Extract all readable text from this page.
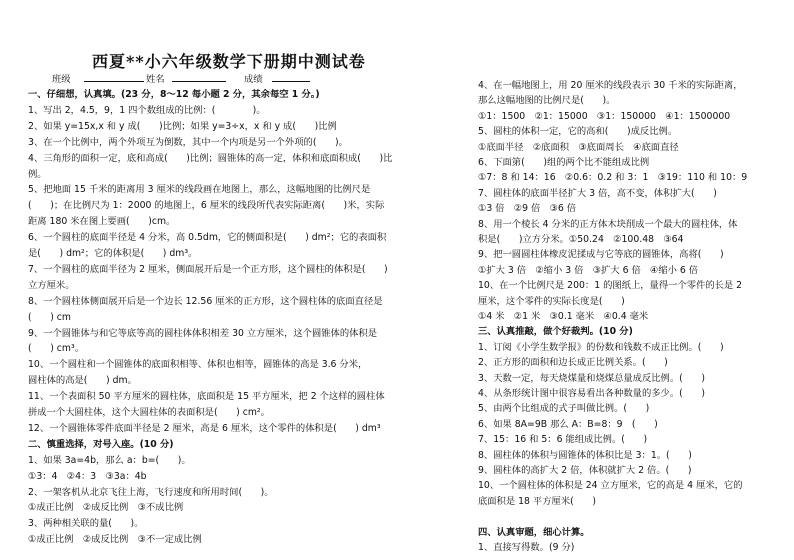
西夏**小六年级数学下册期中测试卷
班级	姓名	成绩
一、仔细想，认真填。(23 分，8～12 每小题 2 分，其余每空 1 分。)
1、写出 2，4.5，9，1 四个数组成的比例：(　　　　)。
2、如果 y=15x,x 和 y 成(　　)比例；如果 y=3÷x，x 和 y 成(　　)比例
3、在一个比例中，两个外项互为倒数，其中一个内项是另一个外项的(　　)。
4、三角形的面积一定，底和高成(　　)比例；圆锥体的高一定，体积和底面积成(　　)比
例。
5、把地面 15 千米的距离用 3 厘米的线段画在地图上，那么，这幅地图的比例尺是
(　　)；在比例尺为 1：2000 的地图上，6 厘米的线段所代表实际距离(　　)米，实际
距离 180 米在图上要画(　　)cm。
6、一个圆柱的底面半径是 4 分米，高 0.5dm，它的侧面积是(　　) dm²；它的表面积
是(　　) dm²；它的体积是(　　) dm³。
7、一个圆柱的底面半径为 2 厘米，侧面展开后是一个正方形，这个圆柱的体积是(　　)
立方厘米。
8、一个圆柱体侧面展开后是一个边长 12.56 厘米的正方形，这个圆柱体的底面直径是
(　　) cm
9、一个圆锥体与和它等底等高的圆柱体体积相差 30 立方厘米，这个圆锥体的体积是
(　　) cm³。
10、一个圆柱和一个圆锥体的底面积相等、体积也相等，圆锥体的高是 3.6 分米，
圆柱体的高是(　　) dm。
11、一个表面积 50 平方厘米的圆柱体，底面积是 15 平方厘米，把 2 个这样的圆柱体
拼成一个大圆柱体，这个大圆柱体的表面积是(　　) cm²。
12、一个圆锥体零件底面半径是 2 厘米，高是 6 厘米，这个零件的体积是(　　) dm³
二、慎重选择，对号入座。(10 分)
1、如果 3a=4b，那么 a：b=(　　)。
①3：4　②4：3　③3a：4b
2、一架客机从北京飞往上海，飞行速度和所用时间(　　)。
①成正比例　②成反比例　③不成比例
3、两种相关联的量(　　)。
①成正比例　②成反比例　③不一定成比例
4、在一幅地图上，用 20 厘米的线段表示 30 千米的实际距离，
那么这幅地图的比例尺是(　　)。
①1：1500　②1：15000　③1：150000　④1：1500000
5、圆柱的体积一定，它的高和(　　)成反比例。
①底面半径　②底面积　③底面周长　④底面直径
6、下面第(　　)组的两个比不能组成比例
①7：8 和 14：16　②0.6：0.2 和 3：1　③19：110 和 10：9
7、圆柱体的底面半径扩大 3 倍，高不变，体积扩大(　　)
①3 倍　②9 倍　③6 倍
8、用一个棱长 4 分米的正方体木块削成一个最大的圆柱体，体
积是(　　)立方分米。①50.24　②100.48　③64
9、把一圆圆柱体橡皮泥揉成与它等底的圆锥体，高将(　　)
①扩大 3 倍　②缩小 3 倍　③扩大 6 倍　④缩小 6 倍
10、在一个比例尺是 200：1 的图纸上，量得一个零件的长是 2
厘米，这个零件的实际长度是(　　)
①4 米　②1 米　③0.1 毫米　④0.4 毫米
三、认真推敲，做个好裁判。(10 分)
1、订阅《小学生数学报》的份数和钱数不成正比例。(　　)
2、正方形的面积和边长成正比例关系。(　　)
3、天数一定，每天烧煤量和烧煤总量成反比例。(　　)
4、从条形统计图中很容易看出各种数量的多少。(　　)
5、由两个比组成的式子叫做比例。(　　)
6、如果 8A=9B 那么 A：B=8：9　(　　)
7、15：16 和 5：6 能组成比例。(　　)
8、圆柱体的体积与圆锥体的体积比是 3：1。(　　)
9、圆柱体的高扩大 2 倍，体积就扩大 2 倍。(　　)
10、一个圆柱体的体积是 24 立方厘米，它的高是 4 厘米，它的
底面积是 18 平方厘米(　　)
四、认真审题，细心计算。
1、直接写得数。(9 分)
